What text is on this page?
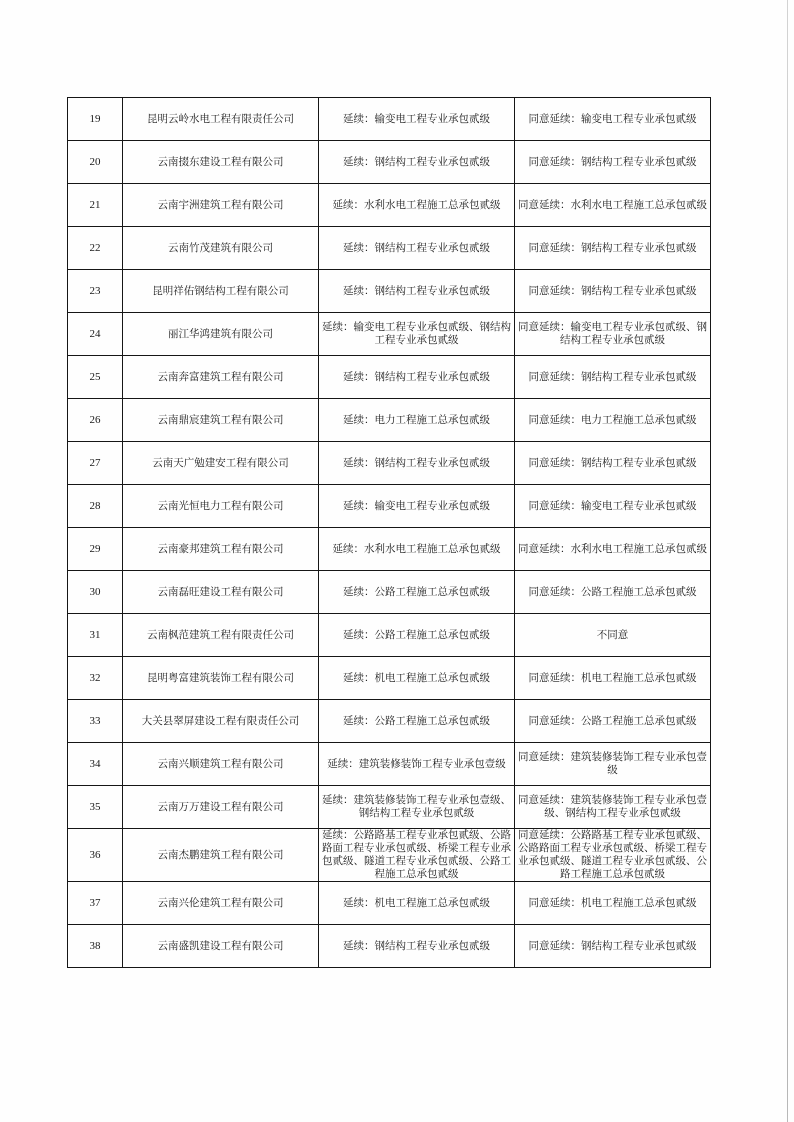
19	昆明云岭水电工程有限责任公司	延续：输变电工程专业承包贰级	同意延续：输变电工程专业承包贰级
20	云南掇东建设工程有限公司	延续：钢结构工程专业承包贰级	同意延续：钢结构工程专业承包贰级
21	云南宇洲建筑工程有限公司	延续：水利水电工程施工总承包贰级	同意延续：水利水电工程施工总承包贰级
22	云南竹茂建筑有限公司	延续：钢结构工程专业承包贰级	同意延续：钢结构工程专业承包贰级
23	昆明祥佑钢结构工程有限公司	延续：钢结构工程专业承包贰级	同意延续：钢结构工程专业承包贰级
24	丽江华鸿建筑有限公司	延续：输变电工程专业承包贰级、钢结构工程专业承包贰级	同意延续：输变电工程专业承包贰级、钢结构工程专业承包贰级
25	云南奔富建筑工程有限公司	延续：钢结构工程专业承包贰级	同意延续：钢结构工程专业承包贰级
26	云南鼎宸建筑工程有限公司	延续：电力工程施工总承包贰级	同意延续：电力工程施工总承包贰级
27	云南天广勉建安工程有限公司	延续：钢结构工程专业承包贰级	同意延续：钢结构工程专业承包贰级
28	云南光恒电力工程有限公司	延续：输变电工程专业承包贰级	同意延续：输变电工程专业承包贰级
29	云南豪邦建筑工程有限公司	延续：水利水电工程施工总承包贰级	同意延续：水利水电工程施工总承包贰级
30	云南磊旺建设工程有限公司	延续：公路工程施工总承包贰级	同意延续：公路工程施工总承包贰级
31	云南枫范建筑工程有限责任公司	延续：公路工程施工总承包贰级	不同意
32	昆明粤富建筑装饰工程有限公司	延续：机电工程施工总承包贰级	同意延续：机电工程施工总承包贰级
33	大关县翠屏建设工程有限责任公司	延续：公路工程施工总承包贰级	同意延续：公路工程施工总承包贰级
34	云南兴顺建筑工程有限公司	延续：建筑装修装饰工程专业承包壹级	同意延续：建筑装修装饰工程专业承包壹级
35	云南万万建设工程有限公司	延续：建筑装修装饰工程专业承包壹级、钢结构工程专业承包贰级	同意延续：建筑装修装饰工程专业承包壹级、钢结构工程专业承包贰级
36	云南杰鹏建筑工程有限公司	延续：公路路基工程专业承包贰级、公路路面工程专业承包贰级、桥梁工程专业承包贰级、隧道工程专业承包贰级、公路工程施工总承包贰级	同意延续：公路路基工程专业承包贰级、公路路面工程专业承包贰级、桥梁工程专业承包贰级、隧道工程专业承包贰级、公路工程施工总承包贰级
37	云南兴伦建筑工程有限公司	延续：机电工程施工总承包贰级	同意延续：机电工程施工总承包贰级
38	云南盛凯建设工程有限公司	延续：钢结构工程专业承包贰级	同意延续：钢结构工程专业承包贰级
